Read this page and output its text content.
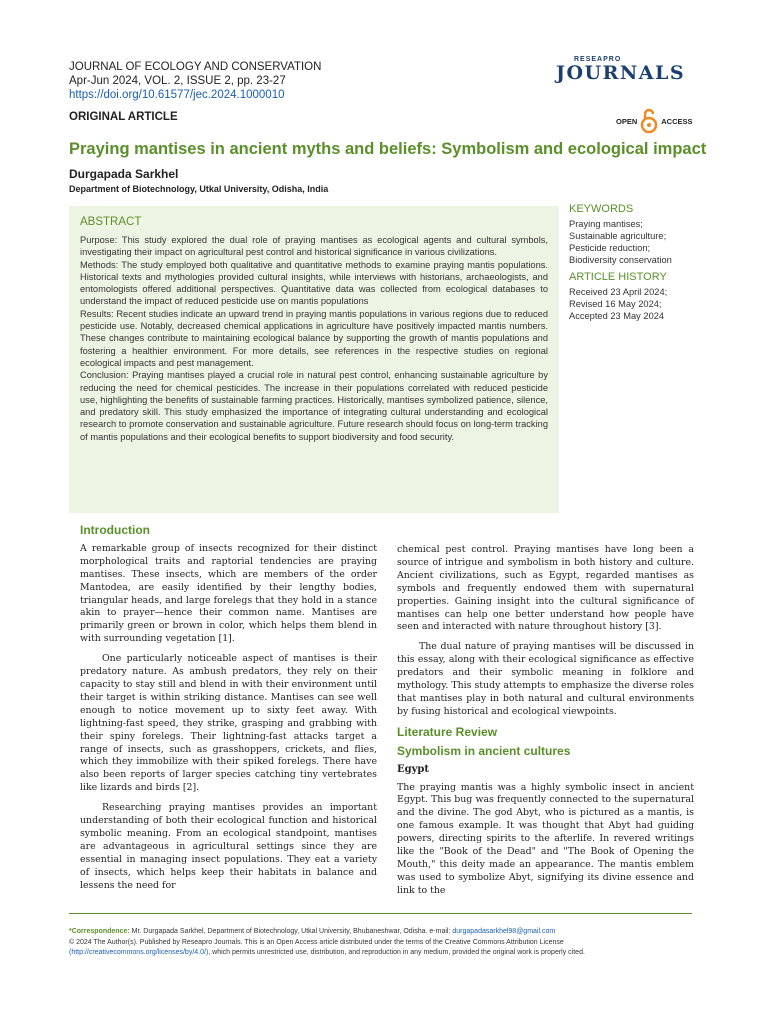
JOURNAL OF ECOLOGY AND CONSERVATION
Apr-Jun 2024, VOL. 2, ISSUE 2, pp. 23-27
https://doi.org/10.61577/jec.2024.1000010
RESEAPRO
JOURNALS
ORIGINAL ARTICLE	OPEN	ACCESS
Praying mantises in ancient myths and beliefs: Symbolism and ecological impact
Durgapada Sarkhel
Department of Biotechnology, Utkal University, Odisha, India
ABSTRACT

Purpose: This study explored the dual role of praying mantises as ecological agents and cultural symbols, investigating their impact on agricultural pest control and historical significance in various civilizations.

Methods: The study employed both qualitative and quantitative methods to examine praying mantis populations. Historical texts and mythologies provided cultural insights, while interviews with historians, archaeologists, and entomologists offered additional perspectives. Quantitative data was collected from ecological databases to understand the impact of reduced pesticide use on mantis populations

Results: Recent studies indicate an upward trend in praying mantis populations in various regions due to reduced pesticide use. Notably, decreased chemical applications in agriculture have positively impacted mantis numbers. These changes contribute to maintaining ecological balance by supporting the growth of mantis populations and fostering a healthier environment. For more details, see references in the respective studies on regional ecological impacts and pest management.

Conclusion: Praying mantises played a crucial role in natural pest control, enhancing sustainable agriculture by reducing the need for chemical pesticides. The increase in their populations correlated with reduced pesticide use, highlighting the benefits of sustainable farming practices. Historically, mantises symbolized patience, silence, and predatory skill. This study emphasized the importance of integrating cultural understanding and ecological research to promote conservation and sustainable agriculture. Future research should focus on long-term tracking of mantis populations and their ecological benefits to support biodiversity and food security.

KEYWORDS
Praying mantises;
Sustainable agriculture;
Pesticide reduction;
Biodiversity conservation
ARTICLE HISTORY
Received 23 April 2024;
Revised 16 May 2024;
Accepted 23 May 2024
Introduction

A remarkable group of insects recognized for their distinct morphological traits and raptorial tendencies are praying mantises. These insects, which are members of the order Mantodea, are easily identified by their lengthy bodies, triangular heads, and large forelegs that they hold in a stance akin to prayer—hence their common name. Mantises are primarily green or brown in color, which helps them blend in with surrounding vegetation [1].

One particularly noticeable aspect of mantises is their predatory nature. As ambush predators, they rely on their capacity to stay still and blend in with their environment until their target is within striking distance. Mantises can see well enough to notice movement up to sixty feet away. With lightning-fast speed, they strike, grasping and grabbing with their spiny forelegs. Their lightning-fast attacks target a range of insects, such as grasshoppers, crickets, and flies, which they immobilize with their spiked forelegs. There have also been reports of larger species catching tiny vertebrates like lizards and birds [2].

Researching praying mantises provides an important understanding of both their ecological function and historical symbolic meaning. From an ecological standpoint, mantises are advantageous in agricultural settings since they are essential in managing insect populations. They eat a variety of insects, which helps keep their habitats in balance and lessens the need for

chemical pest control. Praying mantises have long been a source of intrigue and symbolism in both history and culture. Ancient civilizations, such as Egypt, regarded mantises as symbols and frequently endowed them with supernatural properties. Gaining insight into the cultural significance of mantises can help one better understand how people have seen and interacted with nature throughout history [3].

The dual nature of praying mantises will be discussed in this essay, along with their ecological significance as effective predators and their symbolic meaning in folklore and mythology. This study attempts to emphasize the diverse roles that mantises play in both natural and cultural environments by fusing historical and ecological viewpoints.

Literature Review
Symbolism in ancient cultures
Egypt

The praying mantis was a highly symbolic insect in ancient Egypt. This bug was frequently connected to the supernatural and the divine. The god Abyt, who is pictured as a mantis, is one famous example. It was thought that Abyt had guiding powers, directing spirits to the afterlife. In revered writings like the "Book of the Dead" and "The Book of Opening the Mouth," this deity made an appearance. The mantis emblem was used to symbolize Abyt, signifying its divine essence and link to the

*Correspondence: Mr. Durgapada Sarkhel, Department of Biotechnology, Utkal University, Bhubaneshwar, Odisha. e-mail: durgapadasarkhel98@gmail.com
© 2024 The Author(s). Published by Reseapro Journals. This is an Open Access article distributed under the terms of the Creative Commons Attribution License
(http://creativecommons.org/licenses/by/4.0/), which permits unrestricted use, distribution, and reproduction in any medium, provided the original work is properly cited.
